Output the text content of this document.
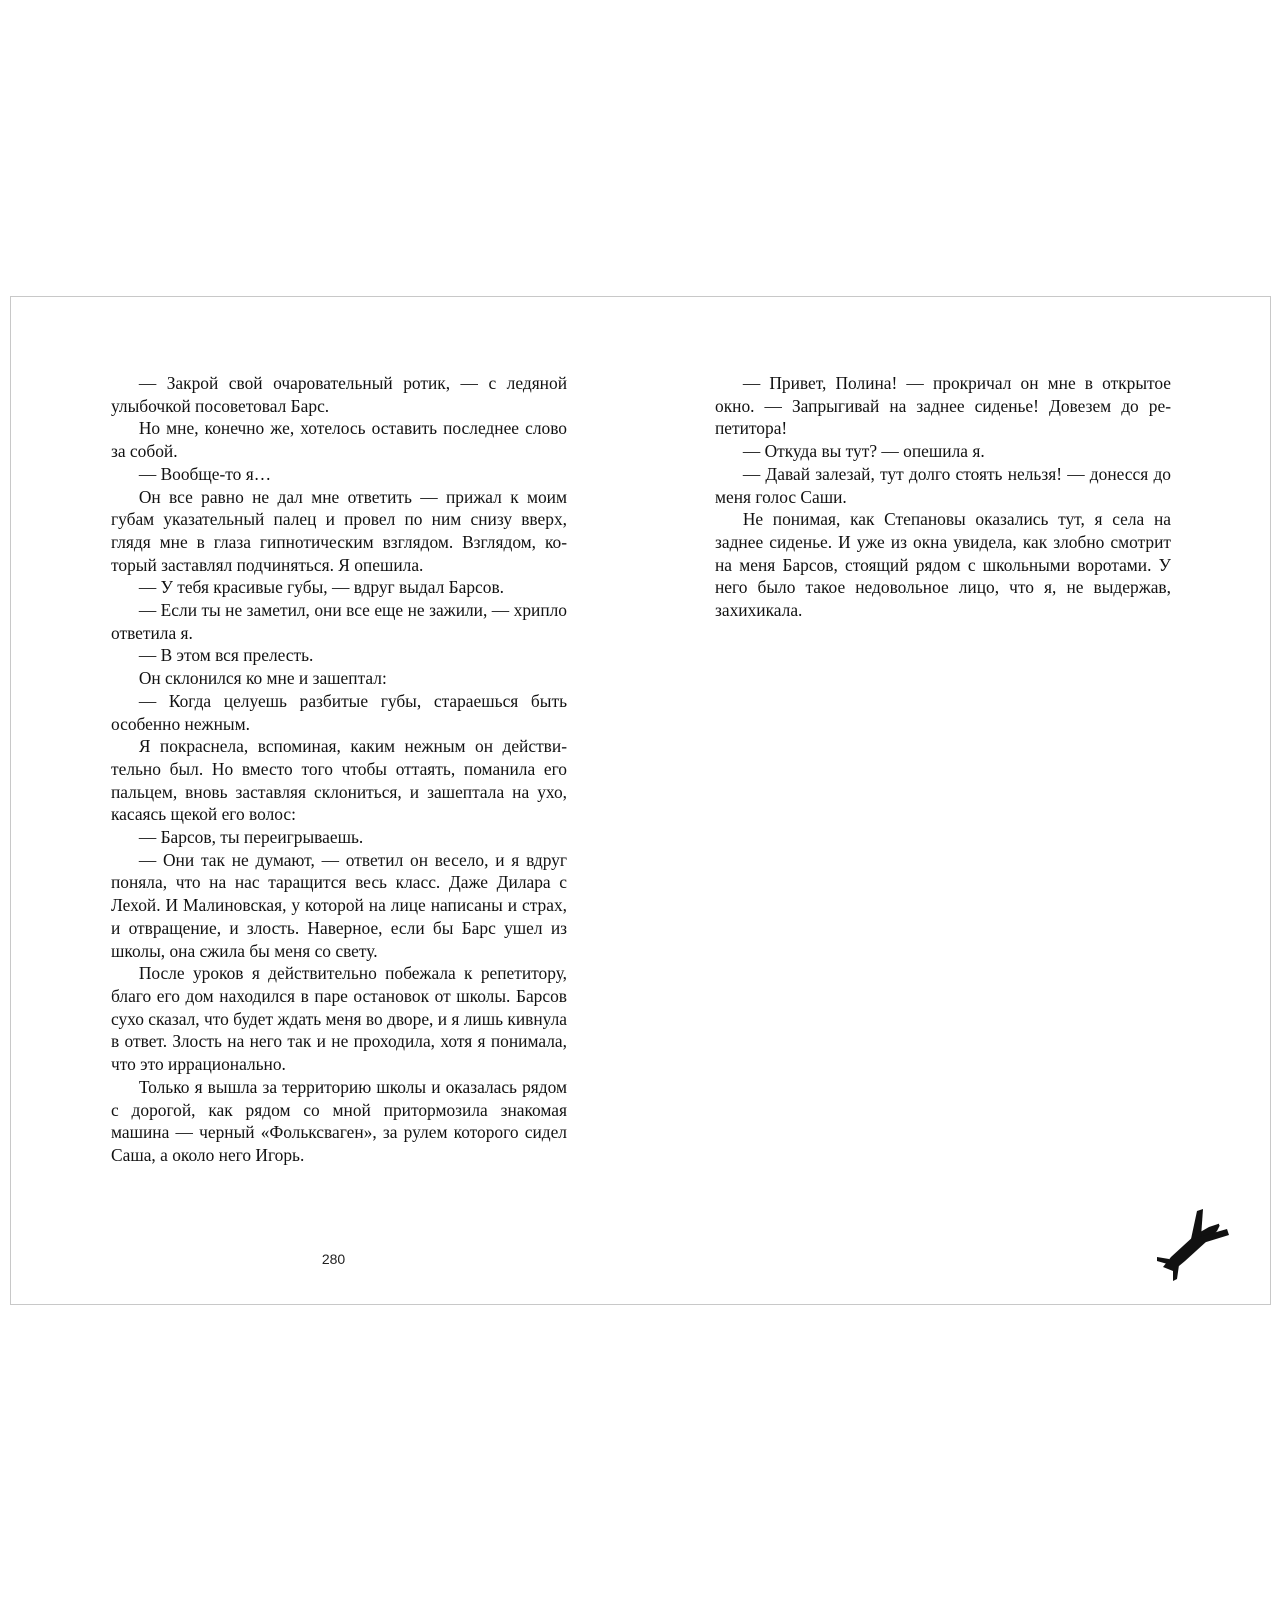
— Закрой свой очаровательный ротик, — с ледяной улыбочкой посоветовал Барс.

Но мне, конечно же, хотелось оставить последнее слово за собой.

— Вообще-то я…

Он все равно не дал мне ответить — прижал к моим губам указательный палец и провел по ним снизу вверх, глядя мне в глаза гипнотическим взглядом. Взглядом, который заставлял подчиняться. Я опешила.

— У тебя красивые губы, — вдруг выдал Барсов.

— Если ты не заметил, они все еще не зажили, — хрипло ответила я.

— В этом вся прелесть.

Он склонился ко мне и зашептал:

— Когда целуешь разбитые губы, стараешься быть особенно нежным.

Я покраснела, вспоминая, каким нежным он действительно был. Но вместо того чтобы оттаять, поманила его пальцем, вновь заставляя склониться, и зашептала на ухо, касаясь щекой его волос:

— Барсов, ты переигрываешь.

— Они так не думают, — ответил он весело, и я вдруг поняла, что на нас таращится весь класс. Даже Дилара с Лехой. И Малиновская, у которой на лице написаны и страх, и отвращение, и злость. Наверное, если бы Барс ушел из школы, она сжила бы меня со свету.

После уроков я действительно побежала к репетитору, благо его дом находился в паре остановок от школы. Барсов сухо сказал, что будет ждать меня во дворе, и я лишь кивнула в ответ. Злость на него так и не проходила, хотя я понимала, что это иррационально.

Только я вышла за территорию школы и оказалась рядом с дорогой, как рядом со мной притормозила знакомая машина — черный «Фольксваген», за рулем которого сидел Саша, а около него Игорь.

280

— Привет, Полина! — прокричал он мне в открытое окно. — Запрыгивай на заднее сиденье! Довезем до репетитора!

— Откуда вы тут? — опешила я.

— Давай залезай, тут долго стоять нельзя! — донесся до меня голос Саши.

Не понимая, как Степановы оказались тут, я села на заднее сиденье. И уже из окна увидела, как злобно смотрит на меня Барсов, стоящий рядом с школьными воротами. У него было такое недовольное лицо, что я, не выдержав, захихикала.
